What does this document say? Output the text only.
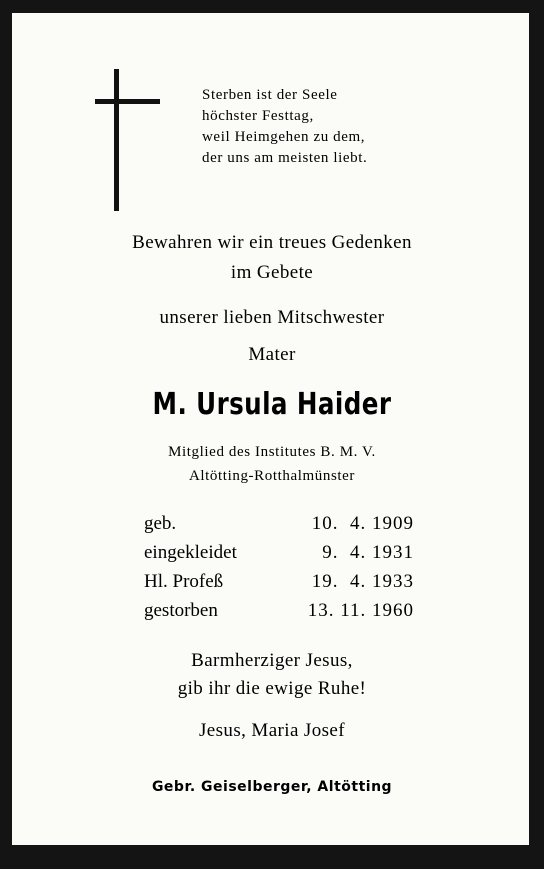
Sterben ist der Seele
höchster Festtag,
weil Heimgehen zu dem,
der uns am meisten liebt.
Bewahren wir ein treues Gedenken
im Gebete
unserer lieben Mitschwester
Mater
M. Ursula Haider
Mitglied des Institutes B. M. V.
Altötting-Rotthalmünster
geb.	10.  4. 1909
eingekleidet	9.  4. 1931
Hl. Profeß	19.  4. 1933
gestorben	13. 11. 1960
Barmherziger Jesus,
gib ihr die ewige Ruhe!
Jesus, Maria Josef
Gebr. Geiselberger, Altötting
